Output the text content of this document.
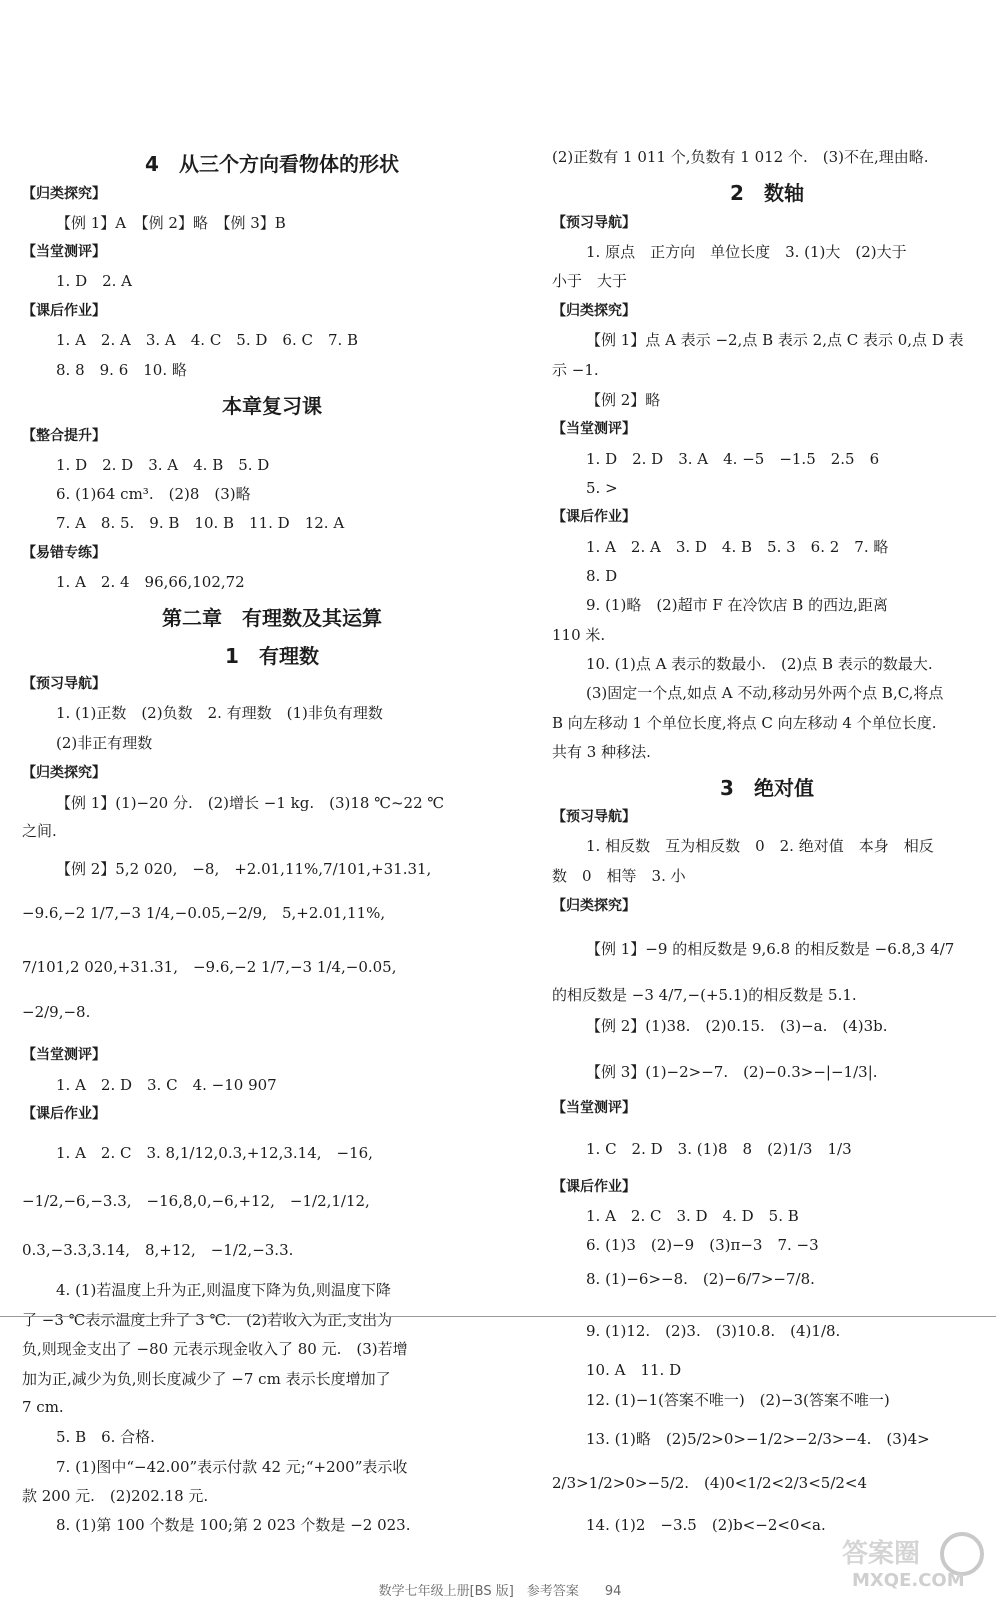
4　从三个方向看物体的形状
【归类探究】
【例 1】A　【例 2】略　【例 3】B
【当堂测评】
1. D　2. A
【课后作业】
1. A　2. A　3. A　4. C　5. D　6. C　7. B
8. 8　9. 6　10. 略
本章复习课
【整合提升】
1. D　2. D　3. A　4. B　5. D
6. (1)64 cm³.　(2)8　(3)略
7. A　8. 5.　9. B　10. B　11. D　12. A
【易错专练】
1. A　2. 4　96,66,102,72
第二章　有理数及其运算
1　有理数
【预习导航】
1. (1)正数　(2)负数　2. 有理数　(1)非负有理数
(2)非正有理数
【归类探究】
【例 1】(1)−20 分.　(2)增长 −1 kg.　(3)18 ℃~22 ℃
之间.
【例 2】5,2 020,　−8,　+2.01,11%,7/101,+31.31,
−9.6,−2 1/7,−3 1/4,−0.05,−2/9,　5,+2.01,11%,
7/101,2 020,+31.31,　−9.6,−2 1/7,−3 1/4,−0.05,
−2/9,−8.
【当堂测评】
1. A　2. D　3. C　4. −10 907
【课后作业】
1. A　2. C　3. 8,1/12,0.3,+12,3.14,　−16,
−1/2,−6,−3.3,　−16,8,0,−6,+12,　−1/2,1/12,
0.3,−3.3,3.14,　8,+12,　−1/2,−3.3.
4. (1)若温度上升为正,则温度下降为负,则温度下降
了 −3 ℃表示温度上升了 3 ℃.　(2)若收入为正,支出为
负,则现金支出了 −80 元表示现金收入了 80 元.　(3)若增
加为正,减少为负,则长度减少了 −7 cm 表示长度增加了
7 cm.
5. B　6. 合格.
7. (1)图中“−42.00”表示付款 42 元;“+200”表示收
款 200 元.　(2)202.18 元.
8. (1)第 100 个数是 100;第 2 023 个数是 −2 023.
(2)正数有 1 011 个,负数有 1 012 个.　(3)不在,理由略.
2　数轴
【预习导航】
1. 原点　正方向　单位长度　3. (1)大　(2)大于
小于　大于
【归类探究】
【例 1】点 A 表示 −2,点 B 表示 2,点 C 表示 0,点 D 表
示 −1.
【例 2】略
【当堂测评】
1. D　2. D　3. A　4. −5　−1.5　2.5　6
5. >
【课后作业】
1. A　2. A　3. D　4. B　5. 3　6. 2　7. 略
8. D
9. (1)略　(2)超市 F 在冷饮店 B 的西边,距离
110 米.
10. (1)点 A 表示的数最小.　(2)点 B 表示的数最大.
(3)固定一个点,如点 A 不动,移动另外两个点 B,C,将点
B 向左移动 1 个单位长度,将点 C 向左移动 4 个单位长度.
共有 3 种移法.
3　绝对值
【预习导航】
1. 相反数　互为相反数　0　2. 绝对值　本身　相反
数　0　相等　3. 小
【归类探究】
【例 1】−9 的相反数是 9,6.8 的相反数是 −6.8,3 4/7
的相反数是 −3 4/7,−(+5.1)的相反数是 5.1.
【例 2】(1)38.　(2)0.15.　(3)−a.　(4)3b.
【例 3】(1)−2>−7.　(2)−0.3>−|−1/3|.
【当堂测评】
1. C　2. D　3. (1)8　8　(2)1/3　1/3
【课后作业】
1. A　2. C　3. D　4. D　5. B
6. (1)3　(2)−9　(3)π−3　7. −3
8. (1)−6>−8.　(2)−6/7>−7/8.
9. (1)12.　(2)3.　(3)10.8.　(4)1/8.
10. A　11. D
12. (1)−1(答案不唯一)　(2)−3(答案不唯一)
13. (1)略　(2)5/2>0>−1/2>−2/3>−4.　(3)4>
2/3>1/2>0>−5/2.　(4)0<1/2<2/3<5/2<4
14. (1)2　−3.5　(2)b<−2<0<a.
数学七年级上册[BS 版]　参考答案　　94
答案圈
MXQE.COM
